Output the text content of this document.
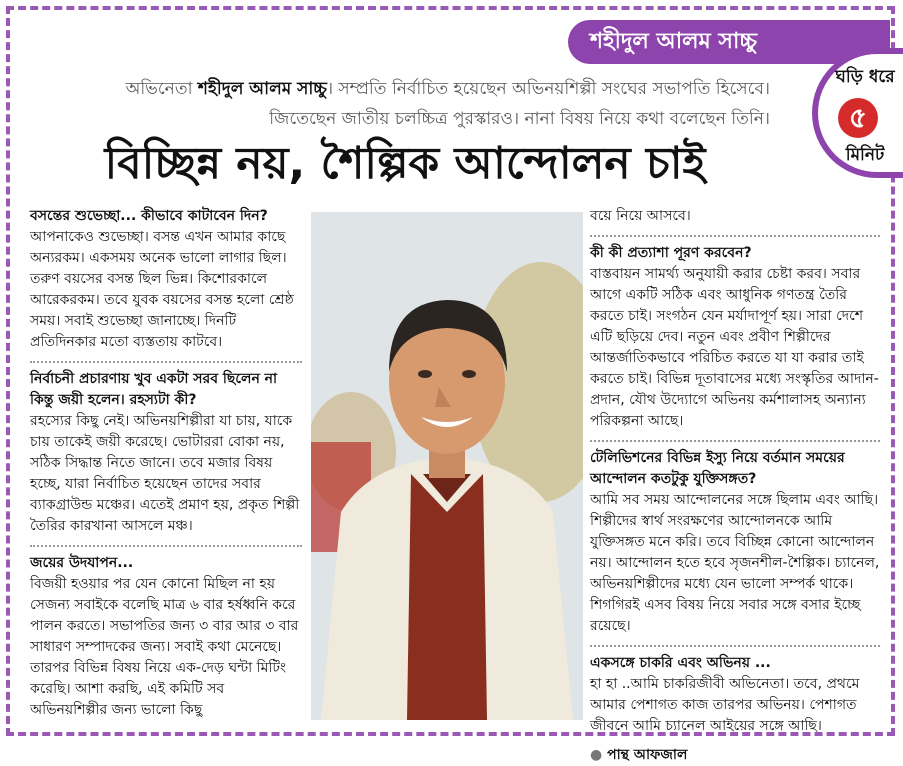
শহীদুল আলম সাচ্চু
ঘড়ি ধরে
৫
মিনিট
অভিনেতা শহীদুল আলম সাচ্চু। সম্প্রতি নির্বাচিত হয়েছেন অভিনয়শিল্পী সংঘের সভাপতি হিসেবে।
জিতেছেন জাতীয় চলচ্চিত্র পুরস্কারও। নানা বিষয় নিয়ে কথা বলেছেন তিনি।
বিচ্ছিন্ন নয়, শৈল্পিক আন্দোলন চাই
বসন্তের শুভেচ্ছা... কীভাবে কাটাবেন দিন?
আপনাকেও শুভেচ্ছা। বসন্ত এখন আমার কাছে অন্যরকম। একসময় অনেক ভালো লাগার ছিল। তরুণ বয়সের বসন্ত ছিল ভিন্ন। কিশোরকালে আরেকরকম। তবে যুবক বয়সের বসন্ত হলো শ্রেষ্ঠ সময়। সবাই শুভেচ্ছা জানাচ্ছে। দিনটি প্রতিদিনকার মতো ব্যস্ততায় কাটবে।
নির্বাচনী প্রচারণায় খুব একটা সরব ছিলেন না কিন্তু জয়ী হলেন। রহস্যটা কী?
রহস্যের কিছু নেই। অভিনয়শিল্পীরা যা চায়, যাকে চায় তাকেই জয়ী করেছে। ভোটাররা বোকা নয়, সঠিক সিদ্ধান্ত নিতে জানে। তবে মজার বিষয় হচ্ছে, যারা নির্বাচিত হয়েছেন তাদের সবার ব্যাকগ্রাউন্ড মঞ্চের। এতেই প্রমাণ হয়, প্রকৃত শিল্পী তৈরির কারখানা আসলে মঞ্চ।
জয়ের উদযাপন...
বিজয়ী হওয়ার পর যেন কোনো মিছিল না হয় সেজন্য সবাইকে বলেছি মাত্র ৬ বার হর্ষধ্বনি করে পালন করতে। সভাপতির জন্য ৩ বার আর ৩ বার সাধারণ সম্পাদকের জন্য। সবাই কথা মেনেছে। তারপর বিভিন্ন বিষয় নিয়ে এক-দেড় ঘন্টা মিটিং করেছি। আশা করছি, এই কমিটি সব অভিনয়শিল্পীর জন্য ভালো কিছু
বয়ে নিয়ে আসবে।
কী কী প্রত্যাশা পূরণ করবেন?
বাস্তবায়ন সামর্থ্য অনুযায়ী করার চেষ্টা করব। সবার আগে একটি সঠিক এবং আধুনিক গণতন্ত্র তৈরি করতে চাই। সংগঠন যেন মর্যাদাপূর্ণ হয়। সারা দেশে এটি ছড়িয়ে দেব। নতুন এবং প্রবীণ শিল্পীদের আন্তর্জাতিকভাবে পরিচিত করতে যা যা করার তাই করতে চাই। বিভিন্ন দূতাবাসের মধ্যে সংস্কৃতির আদান-প্রদান, যৌথ উদ্যোগে অভিনয় কর্মশালাসহ অন্যান্য পরিকল্পনা আছে।
টেলিভিশনের বিভিন্ন ইস্যু নিয়ে বর্তমান সময়ের আন্দোলন কতটুকু যুক্তিসঙ্গত?
আমি সব সময় আন্দোলনের সঙ্গে ছিলাম এবং আছি। শিল্পীদের স্বার্থ সংরক্ষণের আন্দোলনকে আমি যুক্তিসঙ্গত মনে করি। তবে বিচ্ছিন্ন কোনো আন্দোলন নয়। আন্দোলন হতে হবে সৃজনশীল-শৈল্পিক। চ্যানেল, অভিনয়শিল্পীদের মধ্যে যেন ভালো সম্পর্ক থাকে। শিগগিরই এসব বিষয় নিয়ে সবার সঙ্গে বসার ইচ্ছে রয়েছে।
একসঙ্গে চাকরি এবং অভিনয় ...
হা হা ..আমি চাকরিজীবী অভিনেতা। তবে, প্রথমে আমার পেশাগত কাজ তারপর অভিনয়। পেশাগত জীবনে আমি চ্যানেল আইয়ের সঙ্গে আছি।
● পান্থ আফজাল
